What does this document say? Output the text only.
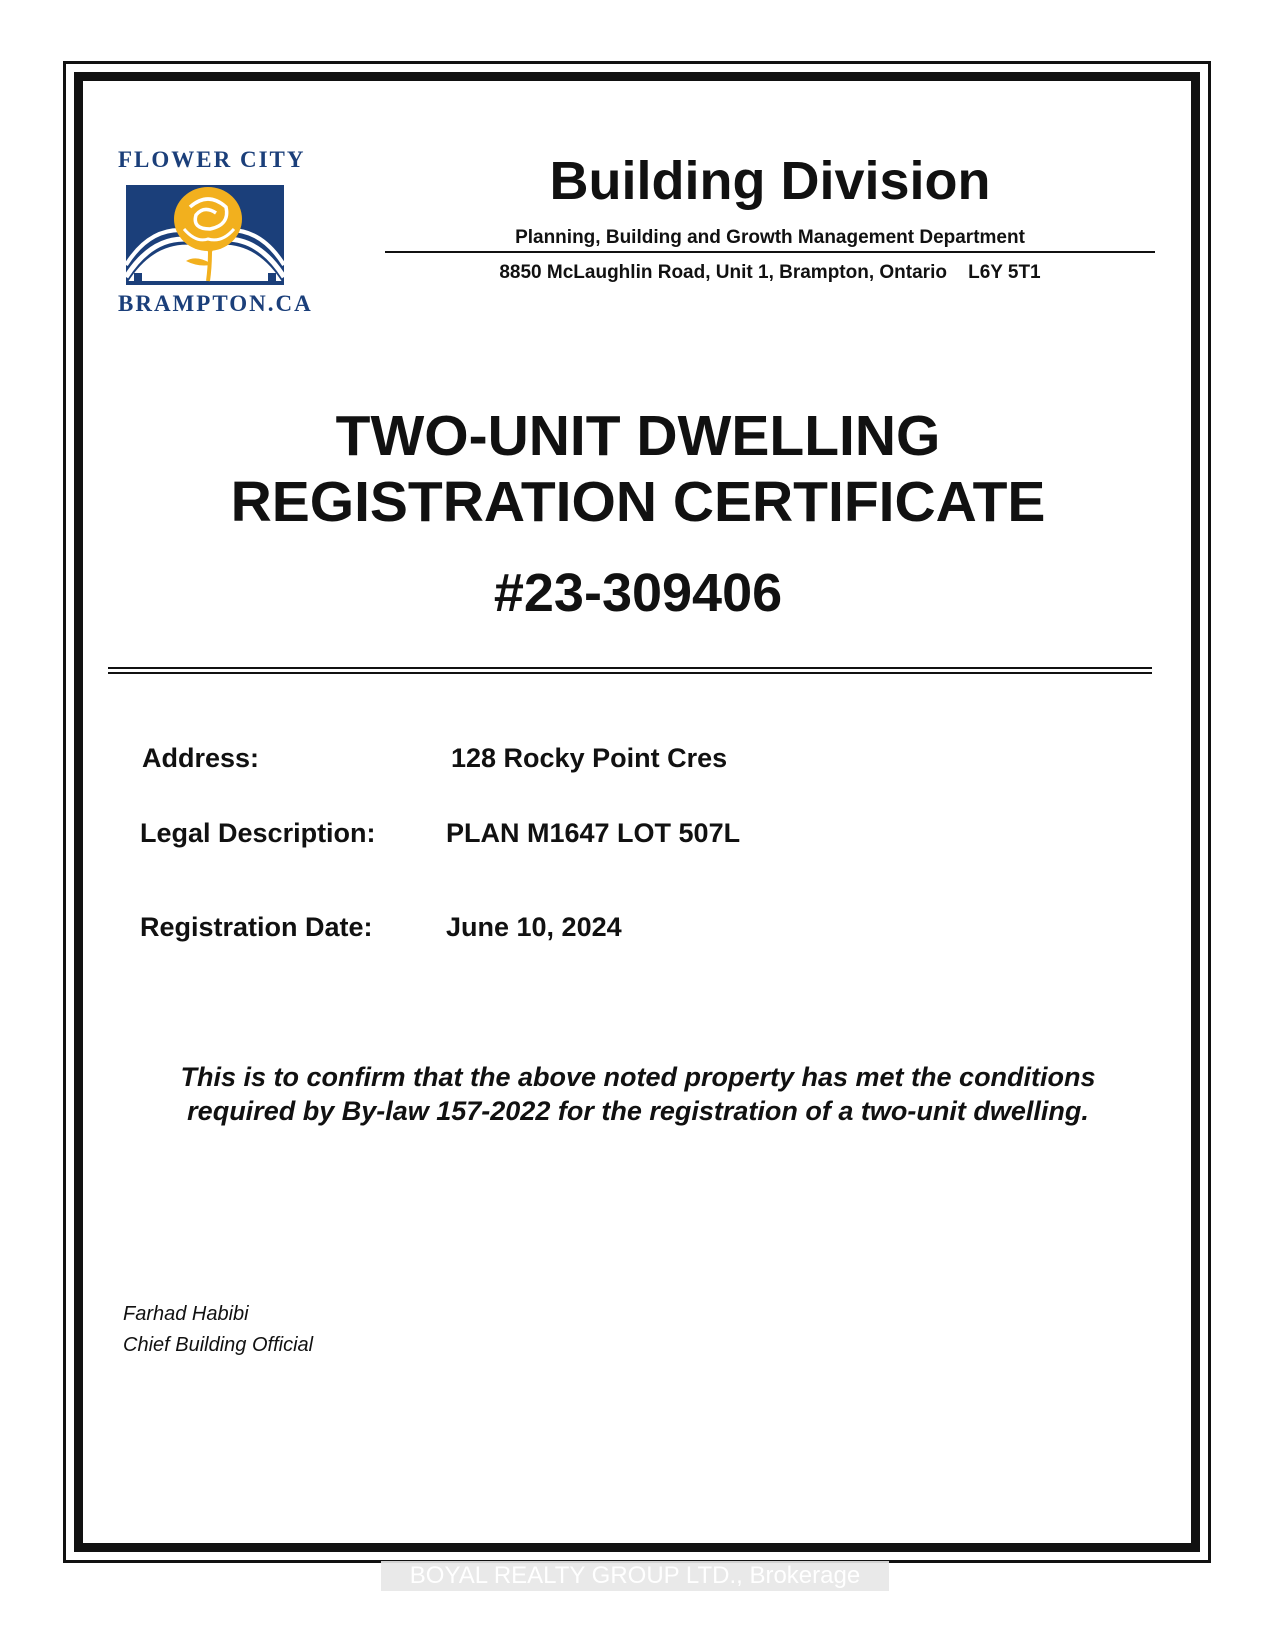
FLOWER CITY
BRAMPTON.CA
Building Division
Planning, Building and Growth Management Department
8850 McLaughlin Road, Unit 1, Brampton, Ontario L6Y 5T1
TWO-UNIT DWELLING
REGISTRATION CERTIFICATE
#23-309406
Address:	128 Rocky Point Cres
Legal Description:	PLAN M1647 LOT 507L
Registration Date:	June 10, 2024
This is to confirm that the above noted property has met the conditions
required by By-law 157-2022 for the registration of a two-unit dwelling.
Farhad Habibi
Chief Building Official
BOYAL REALTY GROUP LTD., Brokerage
